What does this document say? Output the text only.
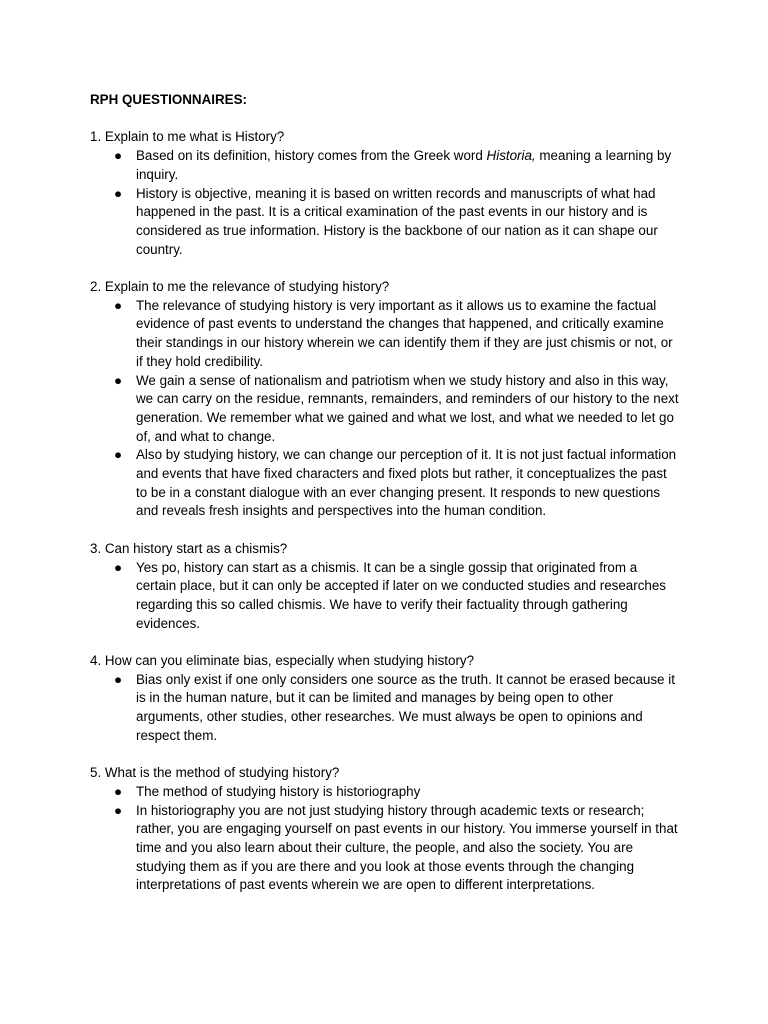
RPH QUESTIONNAIRES:

1. Explain to me what is History?

● Based on its definition, history comes from the Greek word Historia, meaning a learning by inquiry.
● History is objective, meaning it is based on written records and manuscripts of what had happened in the past. It is a critical examination of the past events in our history and is considered as true information. History is the backbone of our nation as it can shape our country.

2. Explain to me the relevance of studying history?

● The relevance of studying history is very important as it allows us to examine the factual evidence of past events to understand the changes that happened, and critically examine their standings in our history wherein we can identify them if they are just chismis or not, or if they hold credibility.
● We gain a sense of nationalism and patriotism when we study history and also in this way, we can carry on the residue, remnants, remainders, and reminders of our history to the next generation. We remember what we gained and what we lost, and what we needed to let go of, and what to change.
● Also by studying history, we can change our perception of it. It is not just factual information and events that have fixed characters and fixed plots but rather, it conceptualizes the past to be in a constant dialogue with an ever changing present. It responds to new questions and reveals fresh insights and perspectives into the human condition.

3. Can history start as a chismis?

● Yes po, history can start as a chismis. It can be a single gossip that originated from a certain place, but it can only be accepted if later on we conducted studies and researches regarding this so called chismis. We have to verify their factuality through gathering evidences.

4. How can you eliminate bias, especially when studying history?

● Bias only exist if one only considers one source as the truth. It cannot be erased because it is in the human nature, but it can be limited and manages by being open to other arguments, other studies, other researches. We must always be open to opinions and respect them.

5. What is the method of studying history?

● The method of studying history is historiography
● In historiography you are not just studying history through academic texts or research; rather, you are engaging yourself on past events in our history. You immerse yourself in that time and you also learn about their culture, the people, and also the society. You are studying them as if you are there and you look at those events through the changing interpretations of past events wherein we are open to different interpretations.
